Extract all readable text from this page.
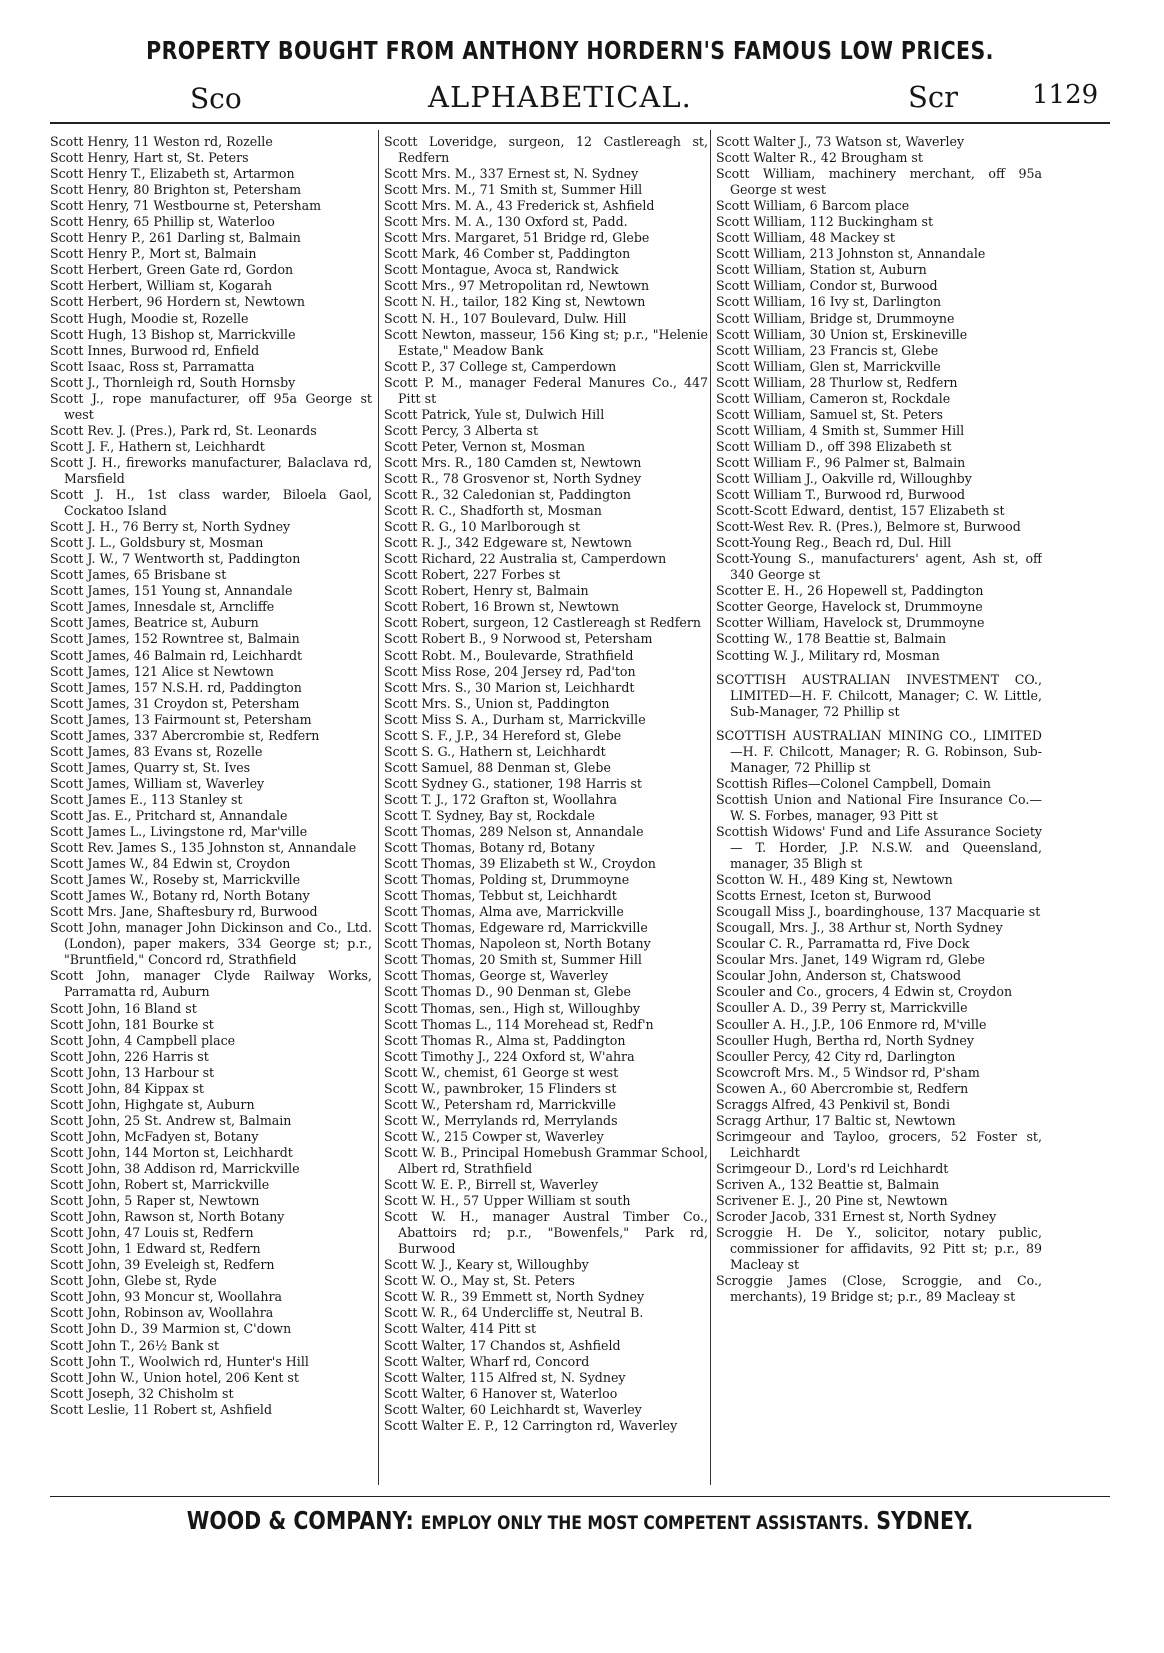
PROPERTY BOUGHT FROM ANTHONY HORDERN'S FAMOUS LOW PRICES.
Sco	ALPHABETICAL.	Scr	1129
Scott Henry, 11 Weston rd, Rozelle
Scott Henry, Hart st, St. Peters
Scott Henry T., Elizabeth st, Artarmon
Scott Henry, 80 Brighton st, Petersham
Scott Henry, 71 Westbourne st, Petersham
Scott Henry, 65 Phillip st, Waterloo
Scott Henry P., 261 Darling st, Balmain
Scott Henry P., Mort st, Balmain
Scott Herbert, Green Gate rd, Gordon
Scott Herbert, William st, Kogarah
Scott Herbert, 96 Hordern st, Newtown
Scott Hugh, Moodie st, Rozelle
Scott Hugh, 13 Bishop st, Marrickville
Scott Innes, Burwood rd, Enfield
Scott Isaac, Ross st, Parramatta
Scott J., Thornleigh rd, South Hornsby
Scott J., rope manufacturer, off 95a George st west
Scott Rev. J. (Pres.), Park rd, St. Leonards
Scott J. F., Hathern st, Leichhardt
Scott J. H., fireworks manufacturer, Balaclava rd, Marsfield
Scott J. H., 1st class warder, Biloela Gaol, Cockatoo Island
Scott J. H., 76 Berry st, North Sydney
Scott J. L., Goldsbury st, Mosman
Scott J. W., 7 Wentworth st, Paddington
Scott James, 65 Brisbane st
Scott James, 151 Young st, Annandale
Scott James, Innesdale st, Arncliffe
Scott James, Beatrice st, Auburn
Scott James, 152 Rowntree st, Balmain
Scott James, 46 Balmain rd, Leichhardt
Scott James, 121 Alice st Newtown
Scott James, 157 N.S.H. rd, Paddington
Scott James, 31 Croydon st, Petersham
Scott James, 13 Fairmount st, Petersham
Scott James, 337 Abercrombie st, Redfern
Scott James, 83 Evans st, Rozelle
Scott James, Quarry st, St. Ives
Scott James, William st, Waverley
Scott James E., 113 Stanley st
Scott Jas. E., Pritchard st, Annandale
Scott James L., Livingstone rd, Mar'ville
Scott Rev. James S., 135 Johnston st, Annandale
Scott James W., 84 Edwin st, Croydon
Scott James W., Roseby st, Marrickville
Scott James W., Botany rd, North Botany
Scott Mrs. Jane, Shaftesbury rd, Burwood
Scott John, manager John Dickinson and Co., Ltd. (London), paper makers, 334 George st; p.r., "Bruntfield," Concord rd, Strathfield
Scott John, manager Clyde Railway Works, Parramatta rd, Auburn
Scott John, 16 Bland st
Scott John, 181 Bourke st
Scott John, 4 Campbell place
Scott John, 226 Harris st
Scott John, 13 Harbour st
Scott John, 84 Kippax st
Scott John, Highgate st, Auburn
Scott John, 25 St. Andrew st, Balmain
Scott John, McFadyen st, Botany
Scott John, 144 Morton st, Leichhardt
Scott John, 38 Addison rd, Marrickville
Scott John, Robert st, Marrickville
Scott John, 5 Raper st, Newtown
Scott John, Rawson st, North Botany
Scott John, 47 Louis st, Redfern
Scott John, 1 Edward st, Redfern
Scott John, 39 Eveleigh st, Redfern
Scott John, Glebe st, Ryde
Scott John, 93 Moncur st, Woollahra
Scott John, Robinson av, Woollahra
Scott John D., 39 Marmion st, C'down
Scott John T., 26½ Bank st
Scott John T., Woolwich rd, Hunter's Hill
Scott John W., Union hotel, 206 Kent st
Scott Joseph, 32 Chisholm st
Scott Leslie, 11 Robert st, Ashfield
Scott Loveridge, surgeon, 12 Castlereagh st, Redfern
Scott Mrs. M., 337 Ernest st, N. Sydney
Scott Mrs. M., 71 Smith st, Summer Hill
Scott Mrs. M. A., 43 Frederick st, Ashfield
Scott Mrs. M. A., 130 Oxford st, Padd.
Scott Mrs. Margaret, 51 Bridge rd, Glebe
Scott Mark, 46 Comber st, Paddington
Scott Montague, Avoca st, Randwick
Scott Mrs., 97 Metropolitan rd, Newtown
Scott N. H., tailor, 182 King st, Newtown
Scott N. H., 107 Boulevard, Dulw. Hill
Scott Newton, masseur, 156 King st; p.r., "Helenie Estate," Meadow Bank
Scott P., 37 College st, Camperdown
Scott P. M., manager Federal Manures Co., 447 Pitt st
Scott Patrick, Yule st, Dulwich Hill
Scott Percy, 3 Alberta st
Scott Peter, Vernon st, Mosman
Scott Mrs. R., 180 Camden st, Newtown
Scott R., 78 Grosvenor st, North Sydney
Scott R., 32 Caledonian st, Paddington
Scott R. C., Shadforth st, Mosman
Scott R. G., 10 Marlborough st
Scott R. J., 342 Edgeware st, Newtown
Scott Richard, 22 Australia st, Camperdown
Scott Robert, 227 Forbes st
Scott Robert, Henry st, Balmain
Scott Robert, 16 Brown st, Newtown
Scott Robert, surgeon, 12 Castlereagh st Redfern
Scott Robert B., 9 Norwood st, Petersham
Scott Robt. M., Boulevarde, Strathfield
Scott Miss Rose, 204 Jersey rd, Pad'ton
Scott Mrs. S., 30 Marion st, Leichhardt
Scott Mrs. S., Union st, Paddington
Scott Miss S. A., Durham st, Marrickville
Scott S. F., J.P., 34 Hereford st, Glebe
Scott S. G., Hathern st, Leichhardt
Scott Samuel, 88 Denman st, Glebe
Scott Sydney G., stationer, 198 Harris st
Scott T. J., 172 Grafton st, Woollahra
Scott T. Sydney, Bay st, Rockdale
Scott Thomas, 289 Nelson st, Annandale
Scott Thomas, Botany rd, Botany
Scott Thomas, 39 Elizabeth st W., Croydon
Scott Thomas, Polding st, Drummoyne
Scott Thomas, Tebbut st, Leichhardt
Scott Thomas, Alma ave, Marrickville
Scott Thomas, Edgeware rd, Marrickville
Scott Thomas, Napoleon st, North Botany
Scott Thomas, 20 Smith st, Summer Hill
Scott Thomas, George st, Waverley
Scott Thomas D., 90 Denman st, Glebe
Scott Thomas, sen., High st, Willoughby
Scott Thomas L., 114 Morehead st, Redf'n
Scott Thomas R., Alma st, Paddington
Scott Timothy J., 224 Oxford st, W'ahra
Scott W., chemist, 61 George st west
Scott W., pawnbroker, 15 Flinders st
Scott W., Petersham rd, Marrickville
Scott W., Merrylands rd, Merrylands
Scott W., 215 Cowper st, Waverley
Scott W. B., Principal Homebush Grammar School, Albert rd, Strathfield
Scott W. E. P., Birrell st, Waverley
Scott W. H., 57 Upper William st south
Scott W. H., manager Austral Timber Co., Abattoirs rd; p.r., "Bowenfels," Park rd, Burwood
Scott W. J., Keary st, Willoughby
Scott W. O., May st, St. Peters
Scott W. R., 39 Emmett st, North Sydney
Scott W. R., 64 Undercliffe st, Neutral B.
Scott Walter, 414 Pitt st
Scott Walter, 17 Chandos st, Ashfield
Scott Walter, Wharf rd, Concord
Scott Walter, 115 Alfred st, N. Sydney
Scott Walter, 6 Hanover st, Waterloo
Scott Walter, 60 Leichhardt st, Waverley
Scott Walter E. P., 12 Carrington rd, Waverley
Scott Walter J., 73 Watson st, Waverley
Scott Walter R., 42 Brougham st
Scott William, machinery merchant, off 95a George st west
Scott William, 6 Barcom place
Scott William, 112 Buckingham st
Scott William, 48 Mackey st
Scott William, 213 Johnston st, Annandale
Scott William, Station st, Auburn
Scott William, Condor st, Burwood
Scott William, 16 Ivy st, Darlington
Scott William, Bridge st, Drummoyne
Scott William, 30 Union st, Erskineville
Scott William, 23 Francis st, Glebe
Scott William, Glen st, Marrickville
Scott William, 28 Thurlow st, Redfern
Scott William, Cameron st, Rockdale
Scott William, Samuel st, St. Peters
Scott William, 4 Smith st, Summer Hill
Scott William D., off 398 Elizabeth st
Scott William F., 96 Palmer st, Balmain
Scott William J., Oakville rd, Willoughby
Scott William T., Burwood rd, Burwood
Scott-Scott Edward, dentist, 157 Elizabeth st
Scott-West Rev. R. (Pres.), Belmore st, Burwood
Scott-Young Reg., Beach rd, Dul. Hill
Scott-Young S., manufacturers' agent, Ash st, off 340 George st
Scotter E. H., 26 Hopewell st, Paddington
Scotter George, Havelock st, Drummoyne
Scotter William, Havelock st, Drummoyne
Scotting W., 178 Beattie st, Balmain
Scotting W. J., Military rd, Mosman
SCOTTISH AUSTRALIAN INVESTMENT CO., LIMITED—H. F. Chilcott, Manager; C. W. Little, Sub-Manager, 72 Phillip st
SCOTTISH AUSTRALIAN MINING CO., LIMITED—H. F. Chilcott, Manager; R. G. Robinson, Sub-Manager, 72 Phillip st
Scottish Rifles—Colonel Campbell, Domain
Scottish Union and National Fire Insurance Co.—W. S. Forbes, manager, 93 Pitt st
Scottish Widows' Fund and Life Assurance Society — T. Horder, J.P. N.S.W. and Queensland, manager, 35 Bligh st
Scotton W. H., 489 King st, Newtown
Scotts Ernest, Iceton st, Burwood
Scougall Miss J., boardinghouse, 137 Macquarie st
Scougall, Mrs. J., 38 Arthur st, North Sydney
Scoular C. R., Parramatta rd, Five Dock
Scoular Mrs. Janet, 149 Wigram rd, Glebe
Scoular John, Anderson st, Chatswood
Scouler and Co., grocers, 4 Edwin st, Croydon
Scouller A. D., 39 Perry st, Marrickville
Scouller A. H., J.P., 106 Enmore rd, M'ville
Scouller Hugh, Bertha rd, North Sydney
Scouller Percy, 42 City rd, Darlington
Scowcroft Mrs. M., 5 Windsor rd, P'sham
Scowen A., 60 Abercrombie st, Redfern
Scraggs Alfred, 43 Penkivil st, Bondi
Scragg Arthur, 17 Baltic st, Newtown
Scrimgeour and Tayloo, grocers, 52 Foster st, Leichhardt
Scrimgeour D., Lord's rd Leichhardt
Scriven A., 132 Beattie st, Balmain
Scrivener E. J., 20 Pine st, Newtown
Scroder Jacob, 331 Ernest st, North Sydney
Scroggie H. De Y., solicitor, notary public, commissioner for affidavits, 92 Pitt st; p.r., 89 Macleay st
Scroggie James (Close, Scroggie, and Co., merchants), 19 Bridge st; p.r., 89 Macleay st
WOOD & COMPANY: EMPLOY ONLY THE MOST COMPETENT ASSISTANTS. SYDNEY.
